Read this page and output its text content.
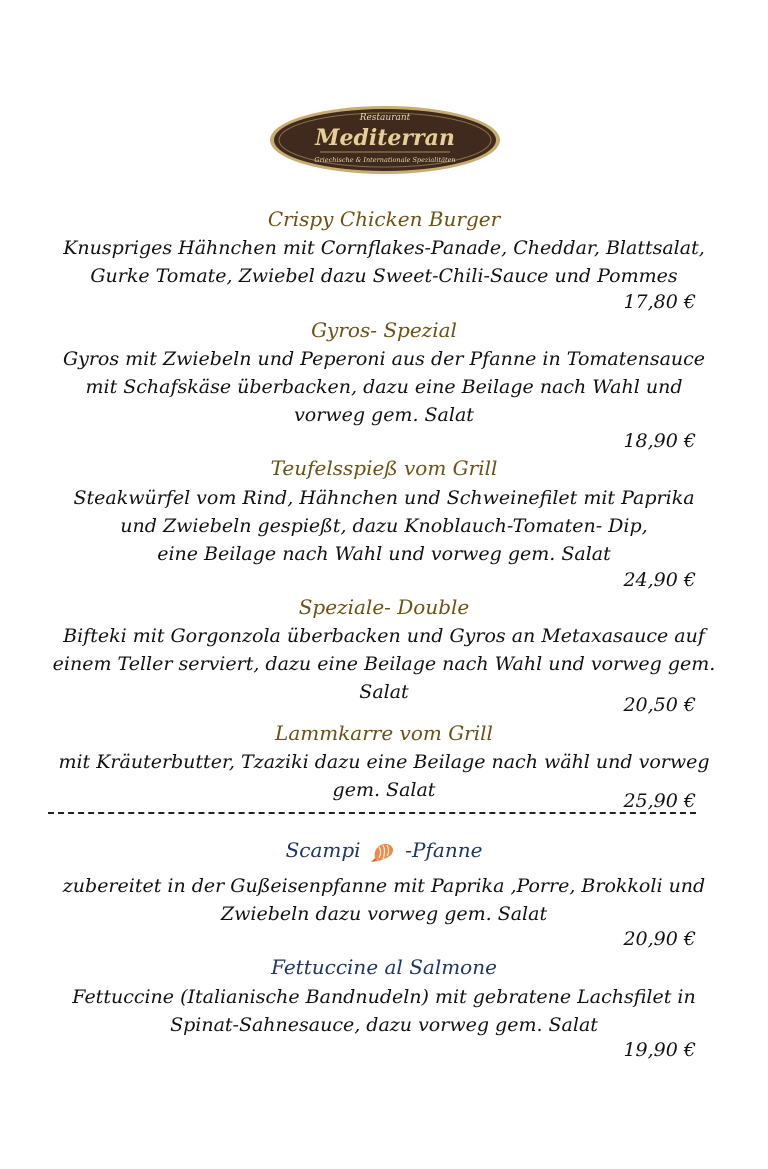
Restaurant
Mediterran
Griechische & Internationale Spezialitäten
Crispy Chicken Burger
Knuspriges Hähnchen mit Cornflakes-Panade, Cheddar, Blattsalat,
Gurke Tomate, Zwiebel dazu Sweet-Chili-Sauce und Pommes
17,80 €
Gyros- Spezial
Gyros mit Zwiebeln und Peperoni aus der Pfanne in Tomatensauce
mit Schafskäse überbacken, dazu eine Beilage nach Wahl und
vorweg gem. Salat
18,90 €
Teufelsspieß vom Grill
Steakwürfel vom Rind, Hähnchen und Schweinefilet mit Paprika
und Zwiebeln gespießt, dazu Knoblauch-Tomaten- Dip,
eine Beilage nach Wahl und vorweg gem. Salat
24,90 €
Speziale- Double
Bifteki mit Gorgonzola überbacken und Gyros an Metaxasauce auf
einem Teller serviert, dazu eine Beilage nach Wahl und vorweg gem.
Salat
20,50 €
Lammkarre vom Grill
mit Kräuterbutter, Tzaziki dazu eine Beilage nach wähl und vorweg
gem. Salat	25,90 €
Scampi -Pfanne
zubereitet in der Gußeisenpfanne mit Paprika ,Porre, Brokkoli und
Zwiebeln dazu vorweg gem. Salat
20,90 €
Fettuccine al Salmone
Fettuccine (Italianische Bandnudeln) mit gebratene Lachsfilet in
Spinat-Sahnesauce, dazu vorweg gem. Salat
19,90 €
